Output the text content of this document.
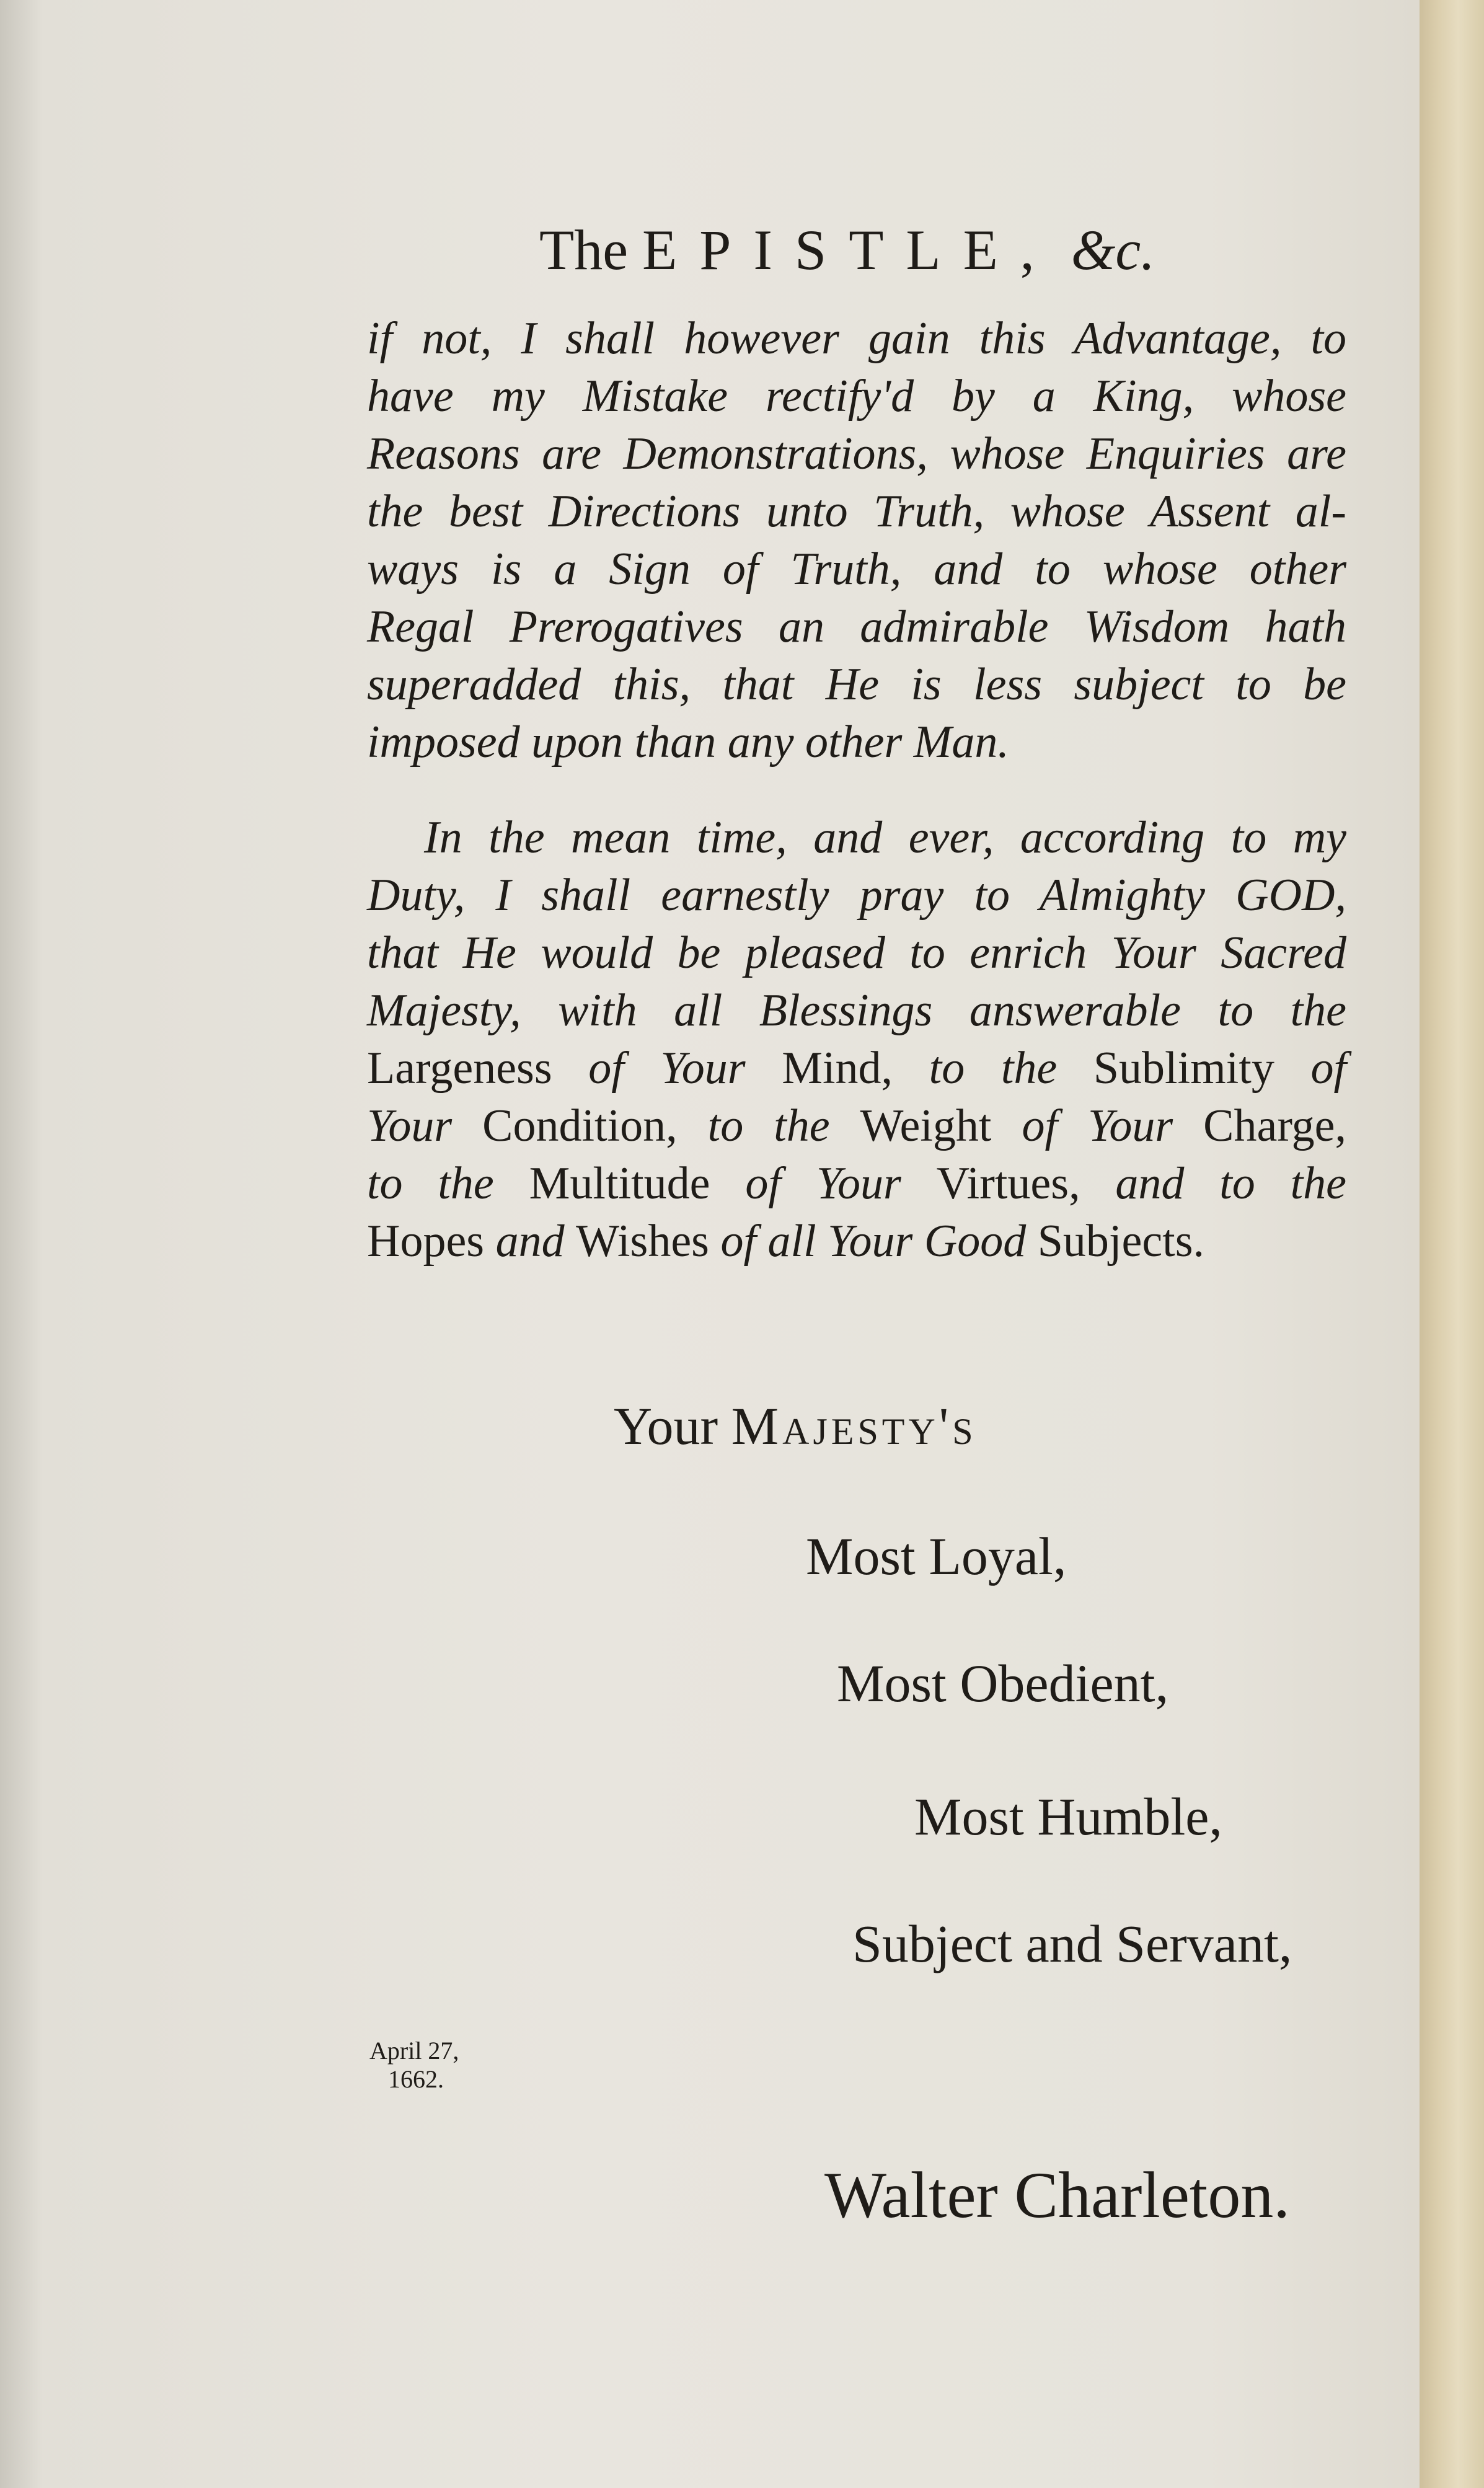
The EPISTLE, &c.
if not, I shall however gain this Advantage, to
have my Mistake rectify'd by a King, whose
Reasons are Demonstrations, whose Enquiries are
the best Directions unto Truth, whose Assent al-
ways is a Sign of Truth, and to whose other
Regal Prerogatives an admirable Wisdom hath
superadded this, that He is less subject to be
imposed upon than any other Man.
In the mean time, and ever, according to my
Duty, I shall earnestly pray to Almighty GOD,
that He would be pleased to enrich Your Sacred
Majesty, with all Blessings answerable to the
Largeness of Your Mind, to the Sublimity of
Your Condition, to the Weight of Your Charge,
to the Multitude of Your Virtues, and to the
Hopes and Wishes of all Your Good Subjects.
Your Majesty's
Most Loyal,
Most Obedient,
Most Humble,
Subject and Servant,
April 27,
1662.
Walter Charleton.
